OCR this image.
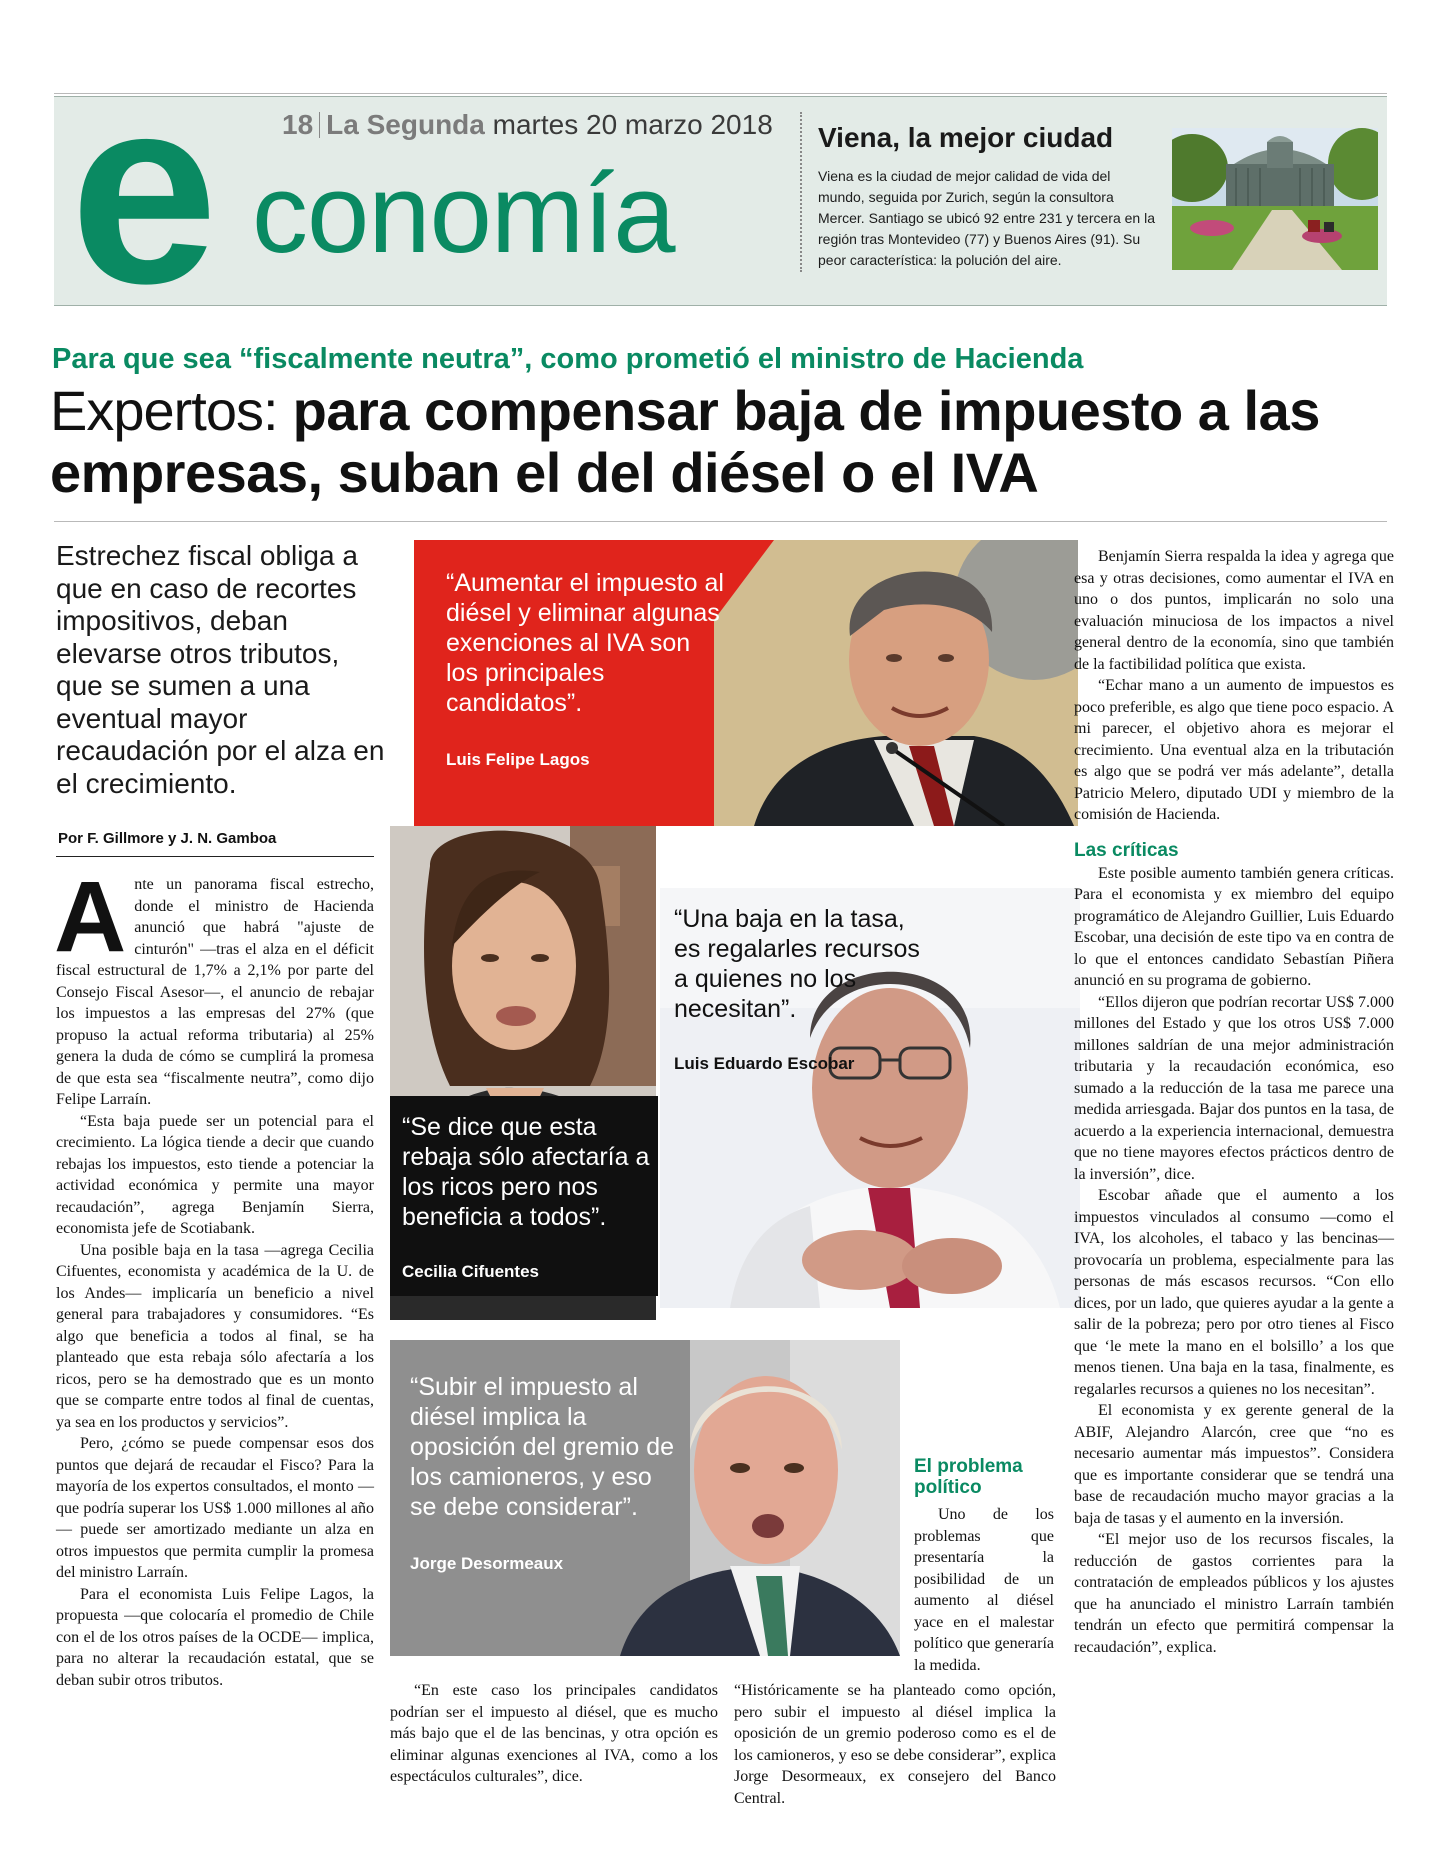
e conomía
18 La Segunda martes 20 marzo 2018 Viena, la mejor ciudad
Viena es la ciudad de mejor calidad de vida del mundo, seguida por Zurich, según la consultora Mercer. Santiago se ubicó 92 entre 231 y tercera en la región tras Montevideo (77) y Buenos Aires (91). Su peor característica: la polución del aire.
Para que sea “fiscalmente neutra”, como prometió el ministro de Hacienda
Expertos: para compensar baja de impuesto a las empresas, suban el del diésel o el IVA
Estrechez fiscal obliga a que en caso de recortes impositivos, deban elevarse otros tributos, que se sumen a una eventual mayor recaudación por el alza en el crecimiento.
Por F. Gillmore y J. N. Gamboa
A nte un panorama fiscal estrecho, donde el ministro de Hacienda anunció que habrá "ajuste de cinturón" —tras el alza en el déficit fiscal estructural de 1,7% a 2,1% por parte del Consejo Fiscal Asesor—, el anuncio de rebajar los impuestos a las empresas del 27% (que propuso la actual reforma tributaria) al 25% genera la duda de cómo se cumplirá la promesa de que esta sea “fiscalmente neutra”, como dijo Felipe Larraín.

“Esta baja puede ser un potencial para el crecimiento. La lógica tiende a decir que cuando rebajas los impuestos, esto tiende a potenciar la actividad económica y permite una mayor recaudación”, agrega Benjamín Sierra, economista jefe de Scotiabank.

Una posible baja en la tasa —agrega Cecilia Cifuentes, economista y académica de la U. de los Andes— implicaría un beneficio a nivel general para trabajadores y consumidores. “Es algo que beneficia a todos al final, se ha planteado que esta rebaja sólo afectaría a los ricos, pero se ha demostrado que es un monto que se comparte entre todos al final de cuentas, ya sea en los productos y servicios”.

Pero, ¿cómo se puede compensar esos dos puntos que dejará de recaudar el Fisco? Para la mayoría de los expertos consultados, el monto —que podría superar los US$ 1.000 millones al año— puede ser amortizado mediante un alza en otros impuestos que permita cumplir la promesa del ministro Larraín.

Para el economista Luis Felipe Lagos, la propuesta —que colocaría el promedio de Chile con el de los otros países de la OCDE— implica, para no alterar la recaudación estatal, que se deban subir otros tributos.

“Aumentar el impuesto al diésel y eliminar algunas exenciones al IVA son los principales candidatos”.
Luis Felipe Lagos
“Se dice que esta rebaja sólo afectaría a los ricos pero nos beneficia a todos”.
Cecilia Cifuentes
“Una baja en la tasa, es regalarles recursos a quienes no los necesitan”.
Luis Eduardo Escobar
“Subir el impuesto al diésel implica la oposición del gremio de los camioneros, y eso se debe considerar”.
Jorge Desormeaux
El problema político

Uno de los problemas que presentaría la posibilidad de un aumento al diésel yace en el malestar político que generaría la medida.

“En este caso los principales candidatos podrían ser el impuesto al diésel, que es mucho más bajo que el de las bencinas, y otra opción es eliminar algunas exenciones al IVA, como a los espectáculos culturales”, dice.

“Históricamente se ha planteado como opción, pero subir el impuesto al diésel implica la oposición de un gremio poderoso como es el de los camioneros, y eso se debe considerar”, explica Jorge Desormeaux, ex consejero del Banco Central.

Benjamín Sierra respalda la idea y agrega que esa y otras decisiones, como aumentar el IVA en uno o dos puntos, implicarán no solo una evaluación minuciosa de los impactos a nivel general dentro de la economía, sino que también de la factibilidad política que exista.

“Echar mano a un aumento de impuestos es poco preferible, es algo que tiene poco espacio. A mi parecer, el objetivo ahora es mejorar el crecimiento. Una eventual alza en la tributación es algo que se podrá ver más adelante”, detalla Patricio Melero, diputado UDI y miembro de la comisión de Hacienda.

Las críticas

Este posible aumento también genera críticas. Para el economista y ex miembro del equipo programático de Alejandro Guillier, Luis Eduardo Escobar, una decisión de este tipo va en contra de lo que el entonces candidato Sebastían Piñera anunció en su programa de gobierno.

“Ellos dijeron que podrían recortar US$ 7.000 millones del Estado y que los otros US$ 7.000 millones saldrían de una mejor administración tributaria y la recaudación económica, eso sumado a la reducción de la tasa me parece una medida arriesgada. Bajar dos puntos en la tasa, de acuerdo a la experiencia internacional, demuestra que no tiene mayores efectos prácticos dentro de la inversión”, dice.

Escobar añade que el aumento a los impuestos vinculados al consumo —como el IVA, los alcoholes, el tabaco y las bencinas— provocaría un problema, especialmente para las personas de más escasos recursos. “Con ello dices, por un lado, que quieres ayudar a la gente a salir de la pobreza; pero por otro tienes al Fisco que ‘le mete la mano en el bolsillo’ a los que menos tienen. Una baja en la tasa, finalmente, es regalarles recursos a quienes no los necesitan”.

El economista y ex gerente general de la ABIF, Alejandro Alarcón, cree que “no es necesario aumentar más impuestos”. Considera que es importante considerar que se tendrá una base de recaudación mucho mayor gracias a la baja de tasas y el aumento en la inversión.

“El mejor uso de los recursos fiscales, la reducción de gastos corrientes para la contratación de empleados públicos y los ajustes que ha anunciado el ministro Larraín también tendrán un efecto que permitirá compensar la recaudación”, explica.
